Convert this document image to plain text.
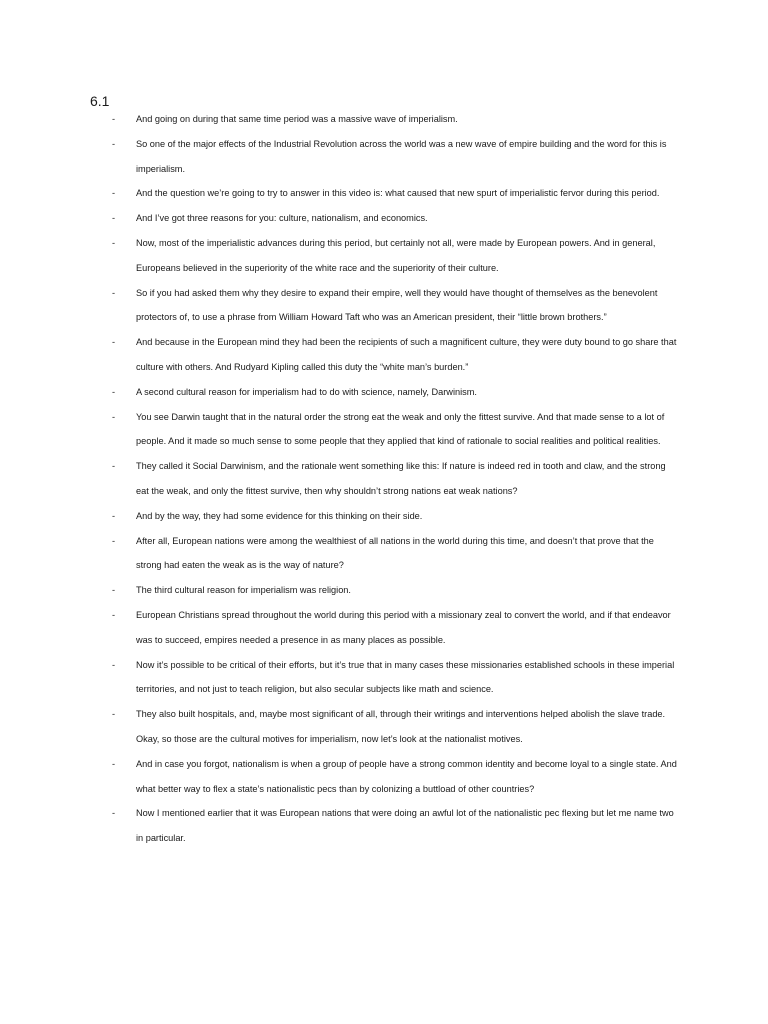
6.1
- And going on during that same time period was a massive wave of imperialism.
- So one of the major effects of the Industrial Revolution across the world was a new wave of empire building and the word for this is imperialism.
- And the question we’re going to try to answer in this video is: what caused that new spurt of imperialistic fervor during this period.
- And I’ve got three reasons for you: culture, nationalism, and economics.
- Now, most of the imperialistic advances during this period, but certainly not all, were made by European powers. And in general, Europeans believed in the superiority of the white race and the superiority of their culture.
- So if you had asked them why they desire to expand their empire, well they would have thought of themselves as the benevolent protectors of, to use a phrase from William Howard Taft who was an American president, their “little brown brothers.”
- And because in the European mind they had been the recipients of such a magnificent culture, they were duty bound to go share that culture with others. And Rudyard Kipling called this duty the “white man’s burden.”
- A second cultural reason for imperialism had to do with science, namely, Darwinism.
- You see Darwin taught that in the natural order the strong eat the weak and only the fittest survive. And that made sense to a lot of people. And it made so much sense to some people that they applied that kind of rationale to social realities and political realities.
- They called it Social Darwinism, and the rationale went something like this: If nature is indeed red in tooth and claw, and the strong eat the weak, and only the fittest survive, then why shouldn’t strong nations eat weak nations?
- And by the way, they had some evidence for this thinking on their side.
- After all, European nations were among the wealthiest of all nations in the world during this time, and doesn’t that prove that the strong had eaten the weak as is the way of nature?
- The third cultural reason for imperialism was religion.
- European Christians spread throughout the world during this period with a missionary zeal to convert the world, and if that endeavor was to succeed, empires needed a presence in as many places as possible.
- Now it’s possible to be critical of their efforts, but it’s true that in many cases these missionaries established schools in these imperial territories, and not just to teach religion, but also secular subjects like math and science.
- They also built hospitals, and, maybe most significant of all, through their writings and interventions helped abolish the slave trade. Okay, so those are the cultural motives for imperialism, now let’s look at the nationalist motives.
- And in case you forgot, nationalism is when a group of people have a strong common identity and become loyal to a single state. And what better way to flex a state’s nationalistic pecs than by colonizing a buttload of other countries?
- Now I mentioned earlier that it was European nations that were doing an awful lot of the nationalistic pec flexing but let me name two in particular.
